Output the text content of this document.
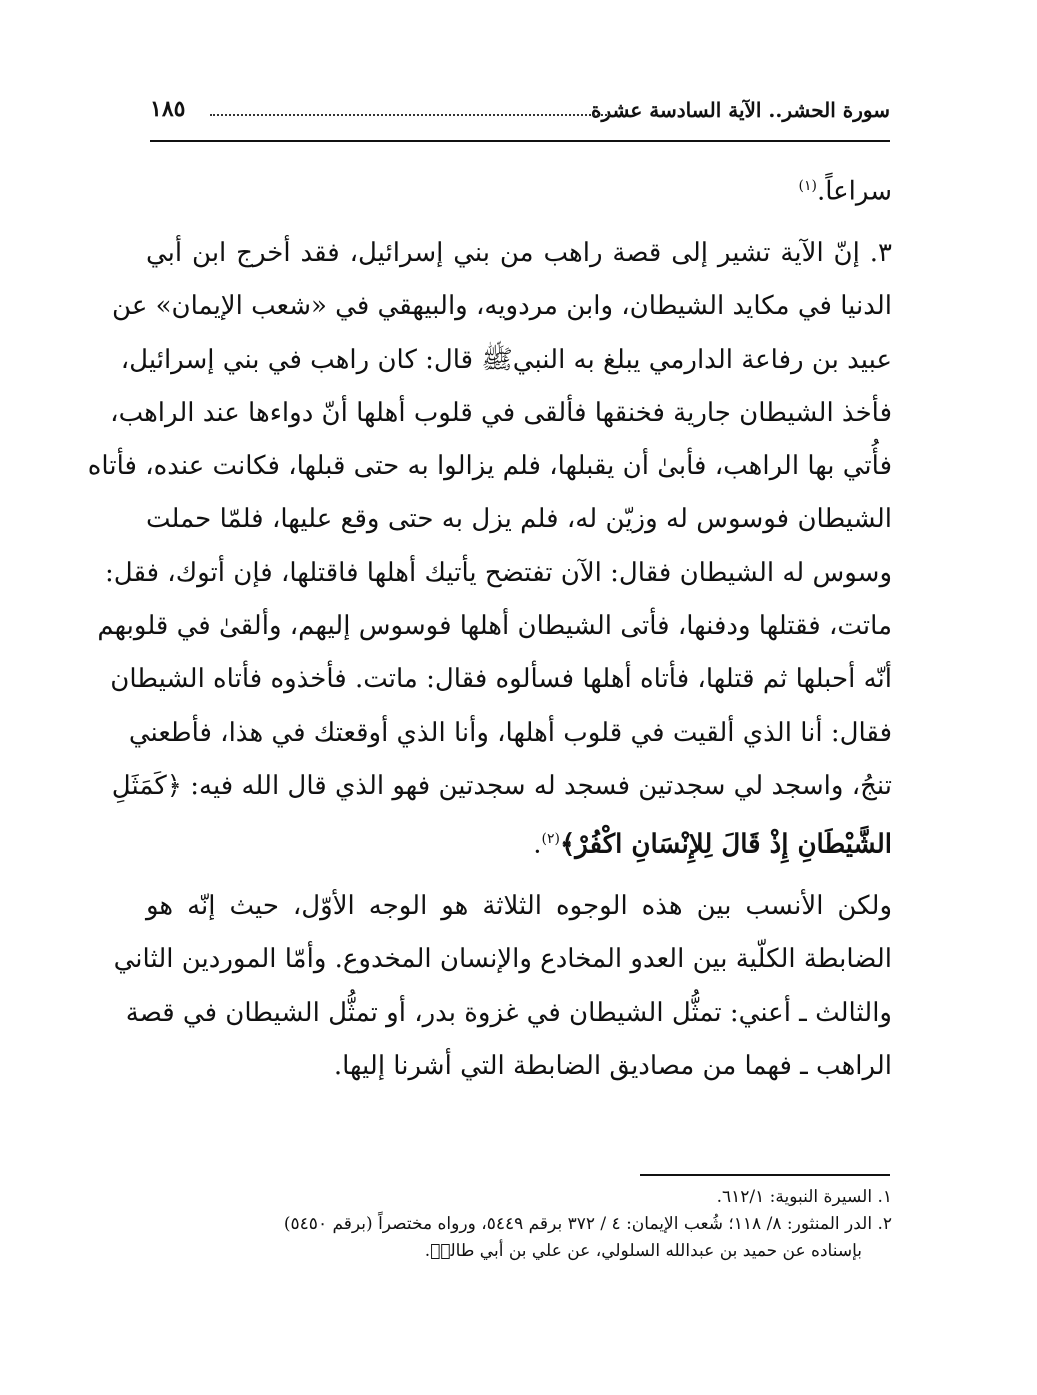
سورة الحشر.. الآية السادسة عشرة
١٨٥

سراعاً.$^{(١)}$

٣. إنّ الآية تشير إلى قصة راهب من بني إسرائيل، فقد أخرج ابن أبي
الدنيا في مكايد الشيطان، وابن مردويه، والبيهقي في «شعب الإيمان» عن
عبيد بن رفاعة الدارمي يبلغ به النبيﷺ قال: كان راهب في بني إسرائيل،
فأخذ الشيطان جارية فخنقها فألقى في قلوب أهلها أنّ دواءها عند الراهب،
فأُتي بها الراهب، فأبىٰ أن يقبلها، فلم يزالوا به حتى قبلها، فكانت عنده، فأتاه
الشيطان فوسوس له وزيّن له، فلم يزل به حتى وقع عليها، فلمّا حملت
وسوس له الشيطان فقال: الآن تفتضح يأتيك أهلها فاقتلها، فإن أتوك، فقل:
ماتت، فقتلها ودفنها، فأتى الشيطان أهلها فوسوس إليهم، وألقىٰ في قلوبهم
أنّه أحبلها ثم قتلها، فأتاه أهلها فسألوه فقال: ماتت. فأخذوه فأتاه الشيطان
فقال: أنا الذي ألقيت في قلوب أهلها، وأنا الذي أوقعتك في هذا، فأطعني
تنجُ، واسجد لي سجدتين فسجد له سجدتين فهو الذي قال الله فيه: ﴿كَمَثَلِ
الشَّيْطَانِ إِذْ قَالَ لِلإِنْسَانِ اكْفُرْ﴾$^{(٢)}$.

ولكن الأنسب بين هذه الوجوه الثلاثة هو الوجه الأوّل، حيث إنّه هو
الضابطة الكلّية بين العدو المخادع والإنسان المخدوع. وأمّا الموردين الثاني
والثالث ـ أعني: تمثُّل الشيطان في غزوة بدر، أو تمثُّل الشيطان في قصة
الراهب ـ فهما من مصاديق الضابطة التي أشرنا إليها.

١. السيرة النبوية: ٦١٢/١.
٢. الدر المنثور: ٨/ ١١٨؛ شُعب الإيمان: ٤ / ٣٧٢ برقم ٥٤٤٩، ورواه مختصراً (برقم ٥٤٥٠)
بإسناده عن حميد بن عبدالله السلولي، عن علي بن أبي طالبؑ.
